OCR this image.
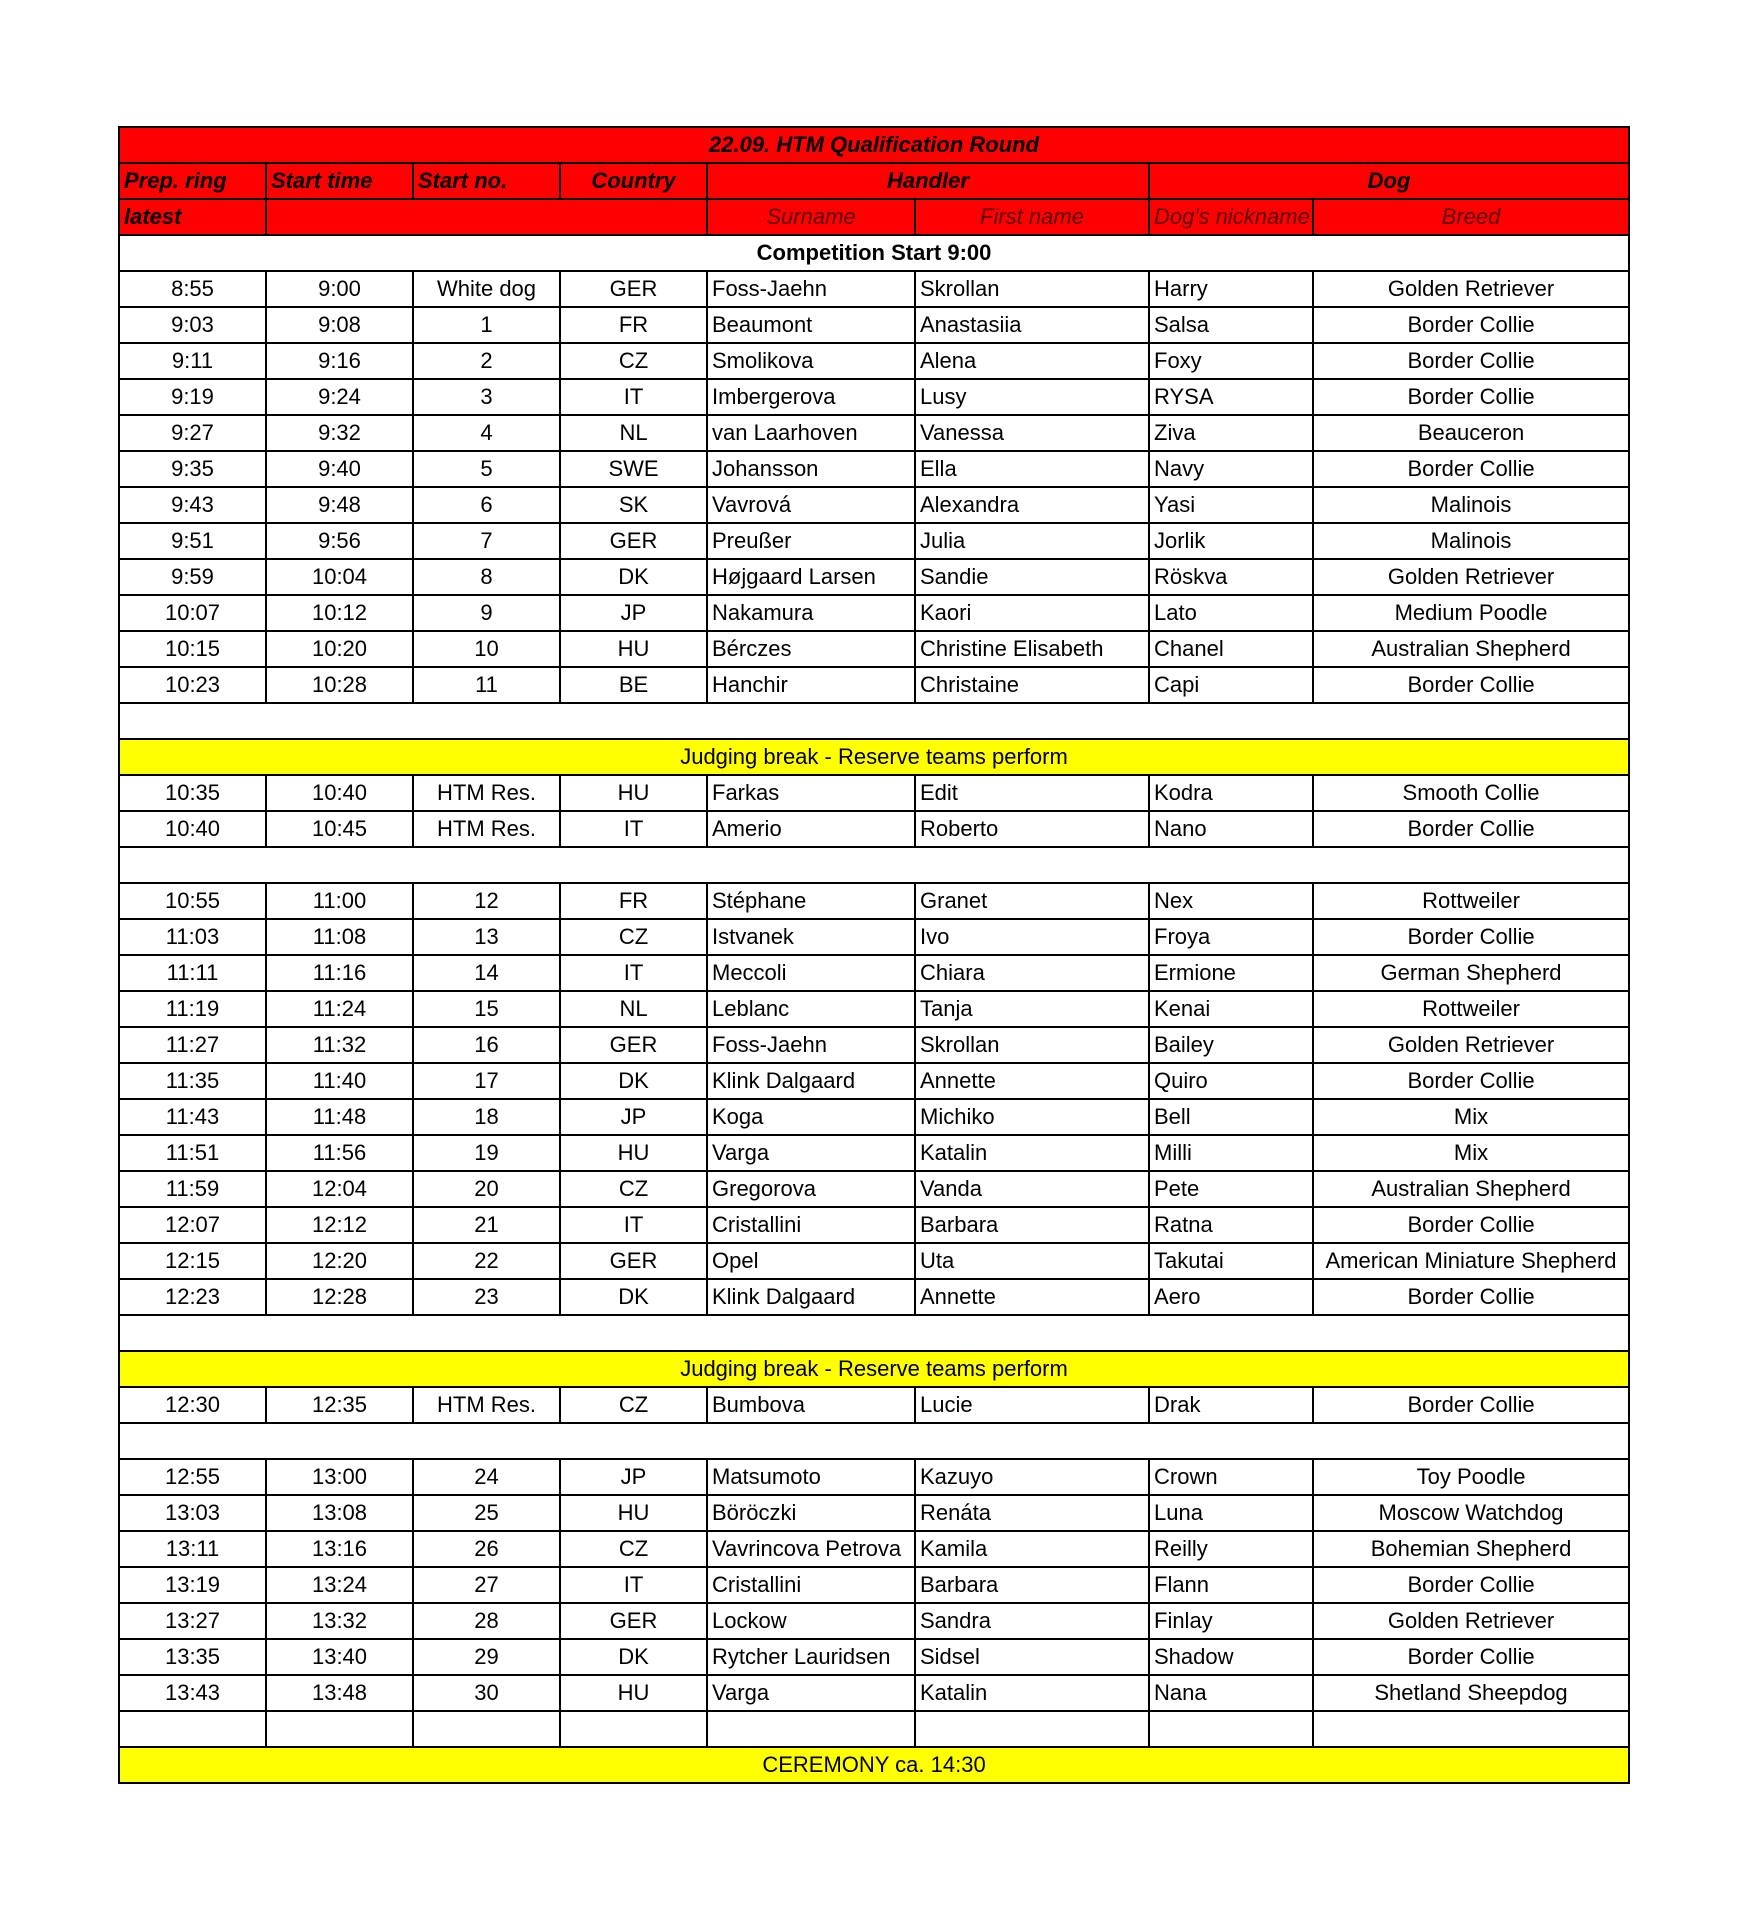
22.09. HTM Qualification Round							
Prep. ring	Start time	Start no.	Country	Handler		Dog	
latest				Surname	First name	Dog's nickname	Breed
Competition Start 9:00							
8:55	9:00	White dog	GER	Foss-Jaehn	Skrollan	Harry	Golden Retriever
9:03	9:08	1	FR	Beaumont	Anastasiia	Salsa	Border Collie
9:11	9:16	2	CZ	Smolikova	Alena	Foxy	Border Collie
9:19	9:24	3	IT	Imbergerova	Lusy	RYSA	Border Collie
9:27	9:32	4	NL	van Laarhoven	Vanessa	Ziva	Beauceron
9:35	9:40	5	SWE	Johansson	Ella	Navy	Border Collie
9:43	9:48	6	SK	Vavrová	Alexandra	Yasi	Malinois
9:51	9:56	7	GER	Preußer	Julia	Jorlik	Malinois
9:59	10:04	8	DK	Højgaard Larsen	Sandie	Röskva	Golden Retriever
10:07	10:12	9	JP	Nakamura	Kaori	Lato	Medium Poodle
10:15	10:20	10	HU	Bérczes	Christine Elisabeth	Chanel	Australian Shepherd
10:23	10:28	11	BE	Hanchir	Christaine	Capi	Border Collie

Judging break - Reserve teams perform							
10:35	10:40	HTM Res.	HU	Farkas	Edit	Kodra	Smooth Collie
10:40	10:45	HTM Res.	IT	Amerio	Roberto	Nano	Border Collie

10:55	11:00	12	FR	Stéphane	Granet	Nex	Rottweiler
11:03	11:08	13	CZ	Istvanek	Ivo	Froya	Border Collie
11:11	11:16	14	IT	Meccoli	Chiara	Ermione	German Shepherd
11:19	11:24	15	NL	Leblanc	Tanja	Kenai	Rottweiler
11:27	11:32	16	GER	Foss-Jaehn	Skrollan	Bailey	Golden Retriever
11:35	11:40	17	DK	Klink Dalgaard	Annette	Quiro	Border Collie
11:43	11:48	18	JP	Koga	Michiko	Bell	Mix
11:51	11:56	19	HU	Varga	Katalin	Milli	Mix
11:59	12:04	20	CZ	Gregorova	Vanda	Pete	Australian Shepherd
12:07	12:12	21	IT	Cristallini	Barbara	Ratna	Border Collie
12:15	12:20	22	GER	Opel	Uta	Takutai	American Miniature Shepherd
12:23	12:28	23	DK	Klink Dalgaard	Annette	Aero	Border Collie

Judging break - Reserve teams perform							
12:30	12:35	HTM Res.	CZ	Bumbova	Lucie	Drak	Border Collie

12:55	13:00	24	JP	Matsumoto	Kazuyo	Crown	Toy Poodle
13:03	13:08	25	HU	Böröczki	Renáta	Luna	Moscow Watchdog
13:11	13:16	26	CZ	Vavrincova Petrova	Kamila	Reilly	Bohemian Shepherd
13:19	13:24	27	IT	Cristallini	Barbara	Flann	Border Collie
13:27	13:32	28	GER	Lockow	Sandra	Finlay	Golden Retriever
13:35	13:40	29	DK	Rytcher Lauridsen	Sidsel	Shadow	Border Collie
13:43	13:48	30	HU	Varga	Katalin	Nana	Shetland Sheepdog

CEREMONY ca. 14:30							
